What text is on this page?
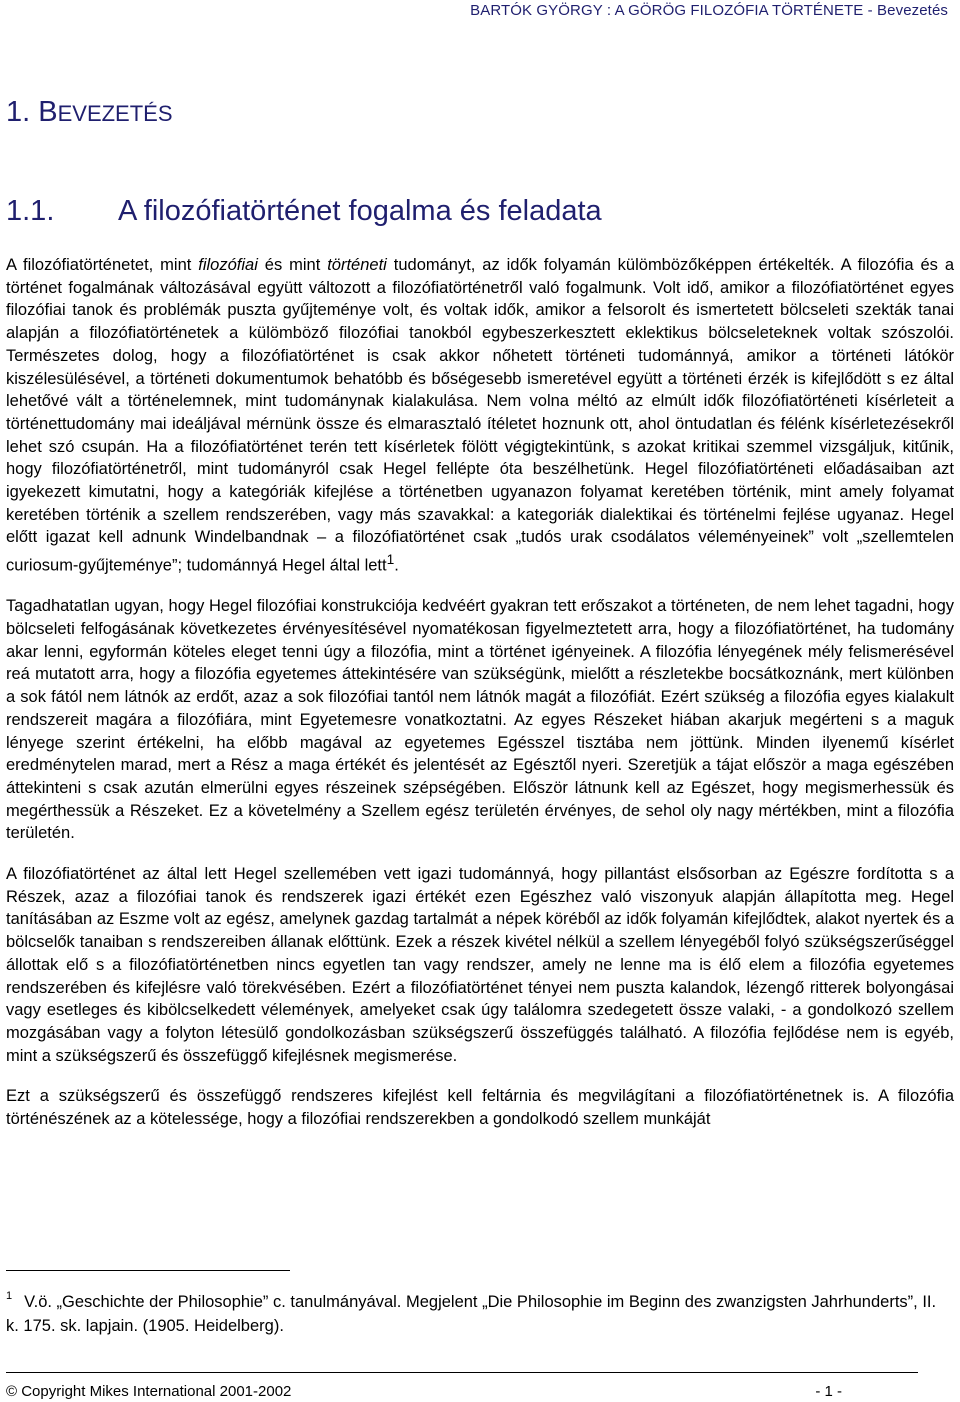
BARTÓK GYÖRGY : A GÖRÖG FILOZÓFIA TÖRTÉNETE - Bevezetés
1. BEVEZETÉS
1.1.	A filozófiatörténet fogalma és feladata

A filozófiatörténetet, mint filozófiai és mint történeti tudományt, az idők folyamán külömbözőképpen értékelték. A filozófia és a történet fogalmának változásával együtt változott a filozófiatörténetről való fogalmunk. Volt idő, amikor a filozófiatörténet egyes filozófiai tanok és problémák puszta gyűjteménye volt, és voltak idők, amikor a felsorolt és ismertetett bölcseleti szekták tanai alapján a filozófiatörténetek a külömböző filozófiai tanokból egybeszerkesztett eklektikus bölcseleteknek voltak szószolói. Természetes dolog, hogy a filozófiatörténet is csak akkor nőhetett történeti tudománnyá, amikor a történeti látókör kiszélesülésével, a történeti dokumentumok behatóbb és bőségesebb ismeretével együtt a történeti érzék is kifejlődött s ez által lehetővé vált a történelemnek, mint tudománynak kialakulása. Nem volna méltó az elmúlt idők filozófiatörténeti kísérleteit a történettudomány mai ideáljával mérnünk össze és elmarasztaló ítéletet hoznunk ott, ahol öntudatlan és félénk kísérletezésekről lehet szó csupán. Ha a filozófiatörténet terén tett kísérletek fölött végigtekintünk, s azokat kritikai szemmel vizsgáljuk, kitűnik, hogy filozófiatörténetről, mint tudományról csak Hegel fellépte óta beszélhetünk. Hegel filozófiatörténeti előadásaiban azt igyekezett kimutatni, hogy a kategóriák kifejlése a történetben ugyanazon folyamat keretében történik, mint amely folyamat keretében történik a szellem rendszerében, vagy más szavakkal: a kategoriák dialektikai és történelmi fejlése ugyanaz. Hegel előtt igazat kell adnunk Windelbandnak – a filozófiatörténet csak „tudós urak csodálatos véleményeinek” volt „szellemtelen curiosum-gyűjteménye”; tudománnyá Hegel által lett$^1$.

Tagadhatatlan ugyan, hogy Hegel filozófiai konstrukciója kedvéért gyakran tett erőszakot a történeten, de nem lehet tagadni, hogy bölcseleti felfogásának következetes érvényesítésével nyomatékosan figyelmeztetett arra, hogy a filozófiatörténet, ha tudomány akar lenni, egyformán köteles eleget tenni úgy a filozófia, mint a történet igényeinek. A filozófia lényegének mély felismerésével reá mutatott arra, hogy a filozófia egyetemes áttekintésére van szükségünk, mielőtt a részletekbe bocsátkoznánk, mert különben a sok fától nem látnók az erdőt, azaz a sok filozófiai tantól nem látnók magát a filozófiát. Ezért szükség a filozófia egyes kialakult rendszereit magára a filozófiára, mint Egyetemesre vonatkoztatni. Az egyes Részeket hiában akarjuk megérteni s a maguk lényege szerint értékelni, ha előbb magával az egyetemes Egésszel tisztába nem jöttünk. Minden ilyenemű kísérlet eredménytelen marad, mert a Rész a maga értékét és jelentését az Egésztől nyeri. Szeretjük a tájat először a maga egészében áttekinteni s csak azután elmerülni egyes részeinek szépségében. Először látnunk kell az Egészet, hogy megismerhessük és megérthessük a Részeket. Ez a követelmény a Szellem egész területén érvényes, de sehol oly nagy mértékben, mint a filozófia területén.

A filozófiatörténet az által lett Hegel szellemében vett igazi tudománnyá, hogy pillantást elsősorban az Egészre fordította s a Részek, azaz a filozófiai tanok és rendszerek igazi értékét ezen Egészhez való viszonyuk alapján állapította meg. Hegel tanításában az Eszme volt az egész, amelynek gazdag tartalmát a népek köréből az idők folyamán kifejlődtek, alakot nyertek és a bölcselők tanaiban s rendszereiben állanak előttünk. Ezek a részek kivétel nélkül a szellem lényegéből folyó szükségszerűséggel állottak elő s a filozófiatörténetben nincs egyetlen tan vagy rendszer, amely ne lenne ma is élő elem a filozófia egyetemes rendszerében és kifejlésre való törekvésében. Ezért a filozófiatörténet tényei nem puszta kalandok, lézengő ritterek bolyongásai vagy esetleges és kibölcselkedett vélemények, amelyeket csak úgy találomra szedegetett össze valaki, - a gondolkozó szellem mozgásában vagy a folyton létesülő gondolkozásban szükségszerű összefüggés található. A filozófia fejlődése nem is egyéb, mint a szükségszerű és összefüggő kifejlésnek megismerése.

Ezt a szükségszerű és összefüggő rendszeres kifejlést kell feltárnia és megvilágítani a filozófiatörténetnek is. A filozófia történészének az a kötelessége, hogy a filozófiai rendszerekben a gondolkodó szellem munkáját

$^1$ V.ö. „Geschichte der Philosophie” c. tanulmányával. Megjelent „Die Philosophie im Beginn des zwanzigsten Jahrhunderts”, II. k. 175. sk. lapjain. (1905. Heidelberg).

© Copyright Mikes International 2001-2002	- 1 -
